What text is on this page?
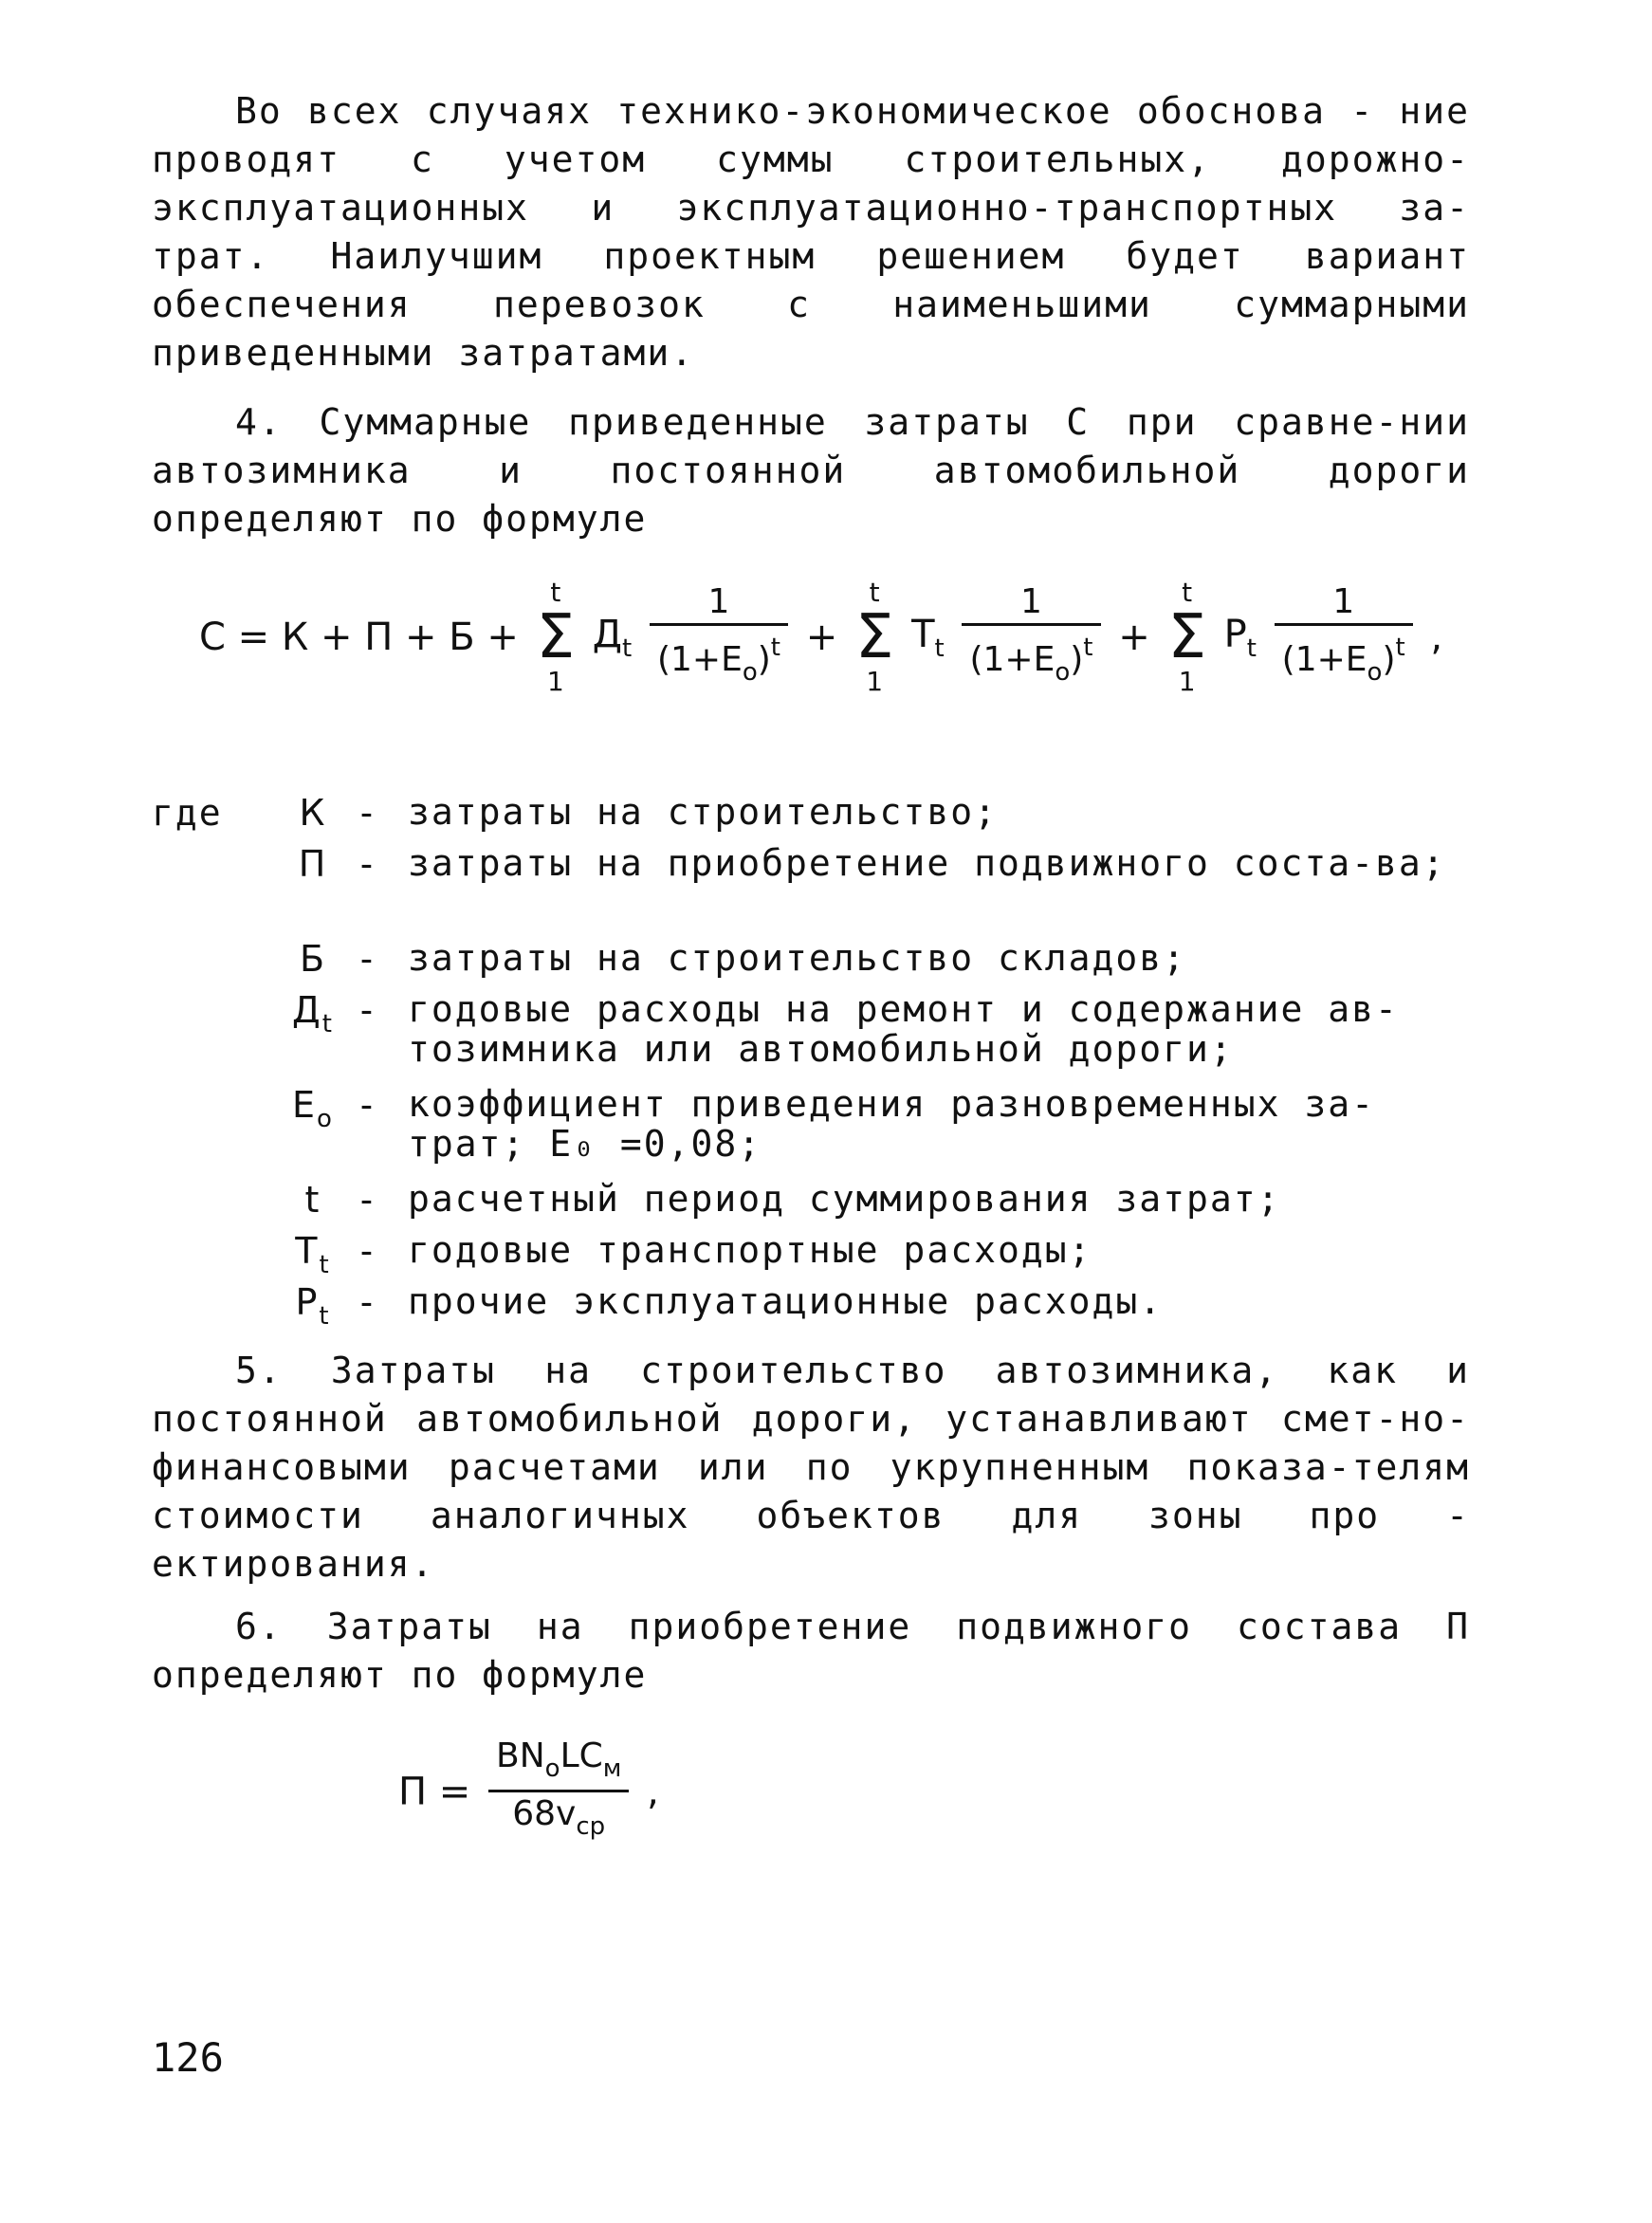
Во всех случаях технико-экономическое обоснова - ние проводят с учетом суммы строительных, дорожно-эксплуатационных и эксплуатационно-транспортных за-трат. Наилучшим проектным решением будет вариант обеспечения перевозок с наименьшими суммарными приведенными затратами.

4. Суммарные приведенные затраты С при сравне-нии автозимника и постоянной автомобильной дороги определяют по формуле

С = К + П + Б +
t
Σ
1
$Д_t \frac{1}{(1+E_o)^t}$ +
t
Σ
1
$Т_t \frac{1}{(1+E_o)^t}$ +
t
Σ
1
$Р_t \frac{1}{(1+E_o)^t}$ ,
где	К - затраты на строительство;
П - затраты на приобретение подвижного соста-ва;
Б - затраты на строительство складов;
$Д_t$ - годовые расходы на ремонт и содержание ав-тозимника или автомобильной дороги;
$E_o$ - коэффициент приведения разновременных за-трат; E₀ =0,08;
t - расчетный период суммирования затрат;
$Т_t$ - годовые транспортные расходы;
$Р_t$ - прочие эксплуатационные расходы.

5. Затраты на строительство автозимника, как и постоянной автомобильной дороги, устанавливают смет-но-финансовыми расчетами или по укрупненным показа-телям стоимости аналогичных объектов для зоны про - ектирования.

6. Затраты на приобретение подвижного состава П определяют по формуле

$П = \frac{BN_oLC_м}{68v_{ср}}$ ,
126
